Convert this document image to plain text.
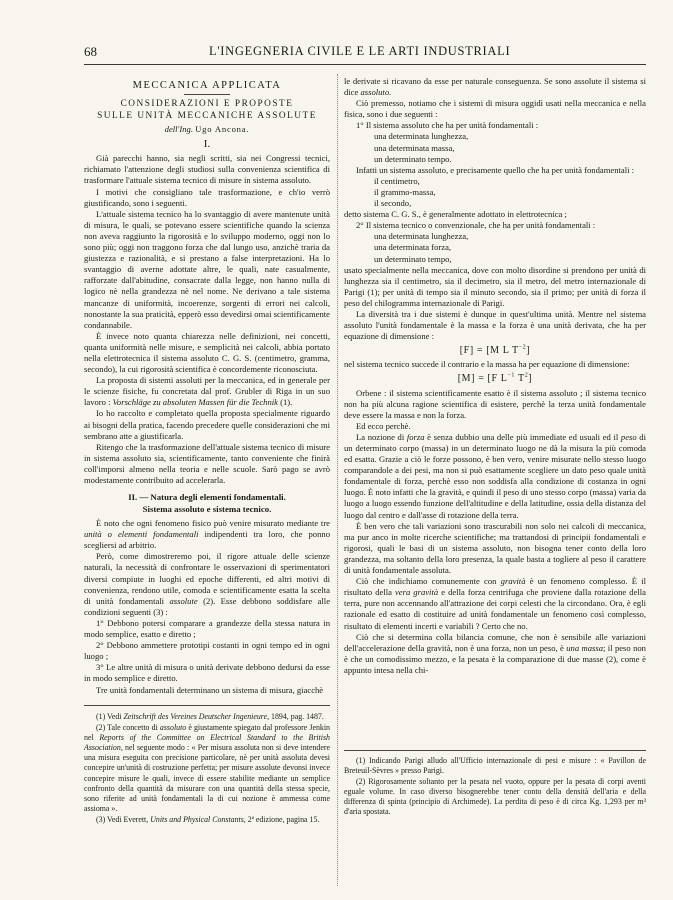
68	L'INGEGNERIA CIVILE E LE ARTI INDUSTRIALI
MECCANICA APPLICATA
CONSIDERAZIONI E PROPOSTE
SULLE UNITÀ MECCANICHE ASSOLUTE
dell'Ing. Ugo Ancona.
I.

Già parecchi hanno, sia negli scritti, sia nei Congressi tecnici, richiamato l'attenzione degli studiosi sulla convenienza scientifica di trasformare l'attuale sistema tecnico di misure in sistema assoluto.

I motivi che consigliano tale trasformazione, e ch'io verrò giustificando, sono i seguenti.

L'attuale sistema tecnico ha lo svantaggio di avere mantenute unità di misura, le quali, se potevano essere scientifiche quando la scienza non aveva raggiunto la rigorosità e lo sviluppo moderno, oggi non lo sono più; oggi non traggono forza che dal lungo uso, anzichè traria da giustezza e razionalità, e si prestano a false interpretazioni. Ha lo svantaggio di averne adottate altre, le quali, nate casualmente, rafforzate dall'abitudine, consacrate dalla legge, non hanno nulla di logico nè nella grandezza nè nel nome. Ne derivano a tale sistema mancanze di uniformità, incoerenze, sorgenti di errori nei calcoli, nonostante la sua praticità, epperò esso devedirsi omai scientificamente condannabile.

È invece noto quanta chiarezza nelle definizioni, nei concetti, quanta uniformità nelle misure, e semplicità nei calcoli, abbia portato nella elettrotecnica il sistema assoluto C. G. S. (centimetro, gramma, secondo), la cui rigorosità scientifica è concordemente riconosciuta.

La proposta di sistemi assoluti per la meccanica, ed in generale per le scienze fisiche, fu concretata dal prof. Grubler di Riga in un suo lavoro : Vorschläge zu absoluten Massen für die Technik (1).

Io ho raccolto e completato quella proposta specialmente riguardo ai bisogni della pratica, facendo precedere quelle considerazioni che mi sembrano atte a giustificarla.

Ritengo che la trasformazione dell'attuale sistema tecnico di misure in sistema assoluto sia, scientificamente, tanto conveniente che finirà coll'imporsi almeno nella teoria e nelle scuole. Sarò pago se avrò modestamente contribuito ad accelerarla.

II. — Natura degli elementi fondamentali.
Sistema assoluto e sistema tecnico.

È noto che ogni fenomeno fisico può venire misurato mediante tre unità o elementi fondamentali indipendenti tra loro, che ponno scegliersi ad arbitrio.

Però, come dimostreremo poi, il rigore attuale delle scienze naturali, la necessità di confrontare le osservazioni di sperimentatori diversi compiute in luoghi ed epoche differenti, ed altri motivi di convenienza, rendono utile, comoda e scientificamente esatta la scelta di unità fondamentali assolute (2). Esse debbono soddisfare alle condizioni seguenti (3) :

1° Debbono potersi comparare a grandezze della stessa natura in modo semplice, esatto e diretto ;

2° Debbono ammettere prototipi costanti in ogni tempo ed in ogni luogo ;

3° Le altre unità di misura o unità derivate debbono dedursi da esse in modo semplice e diretto.

Tre unità fondamentali determinano un sistema di misura, giacchè

(1) Vedi Zeitschrift des Vereines Deutscher Ingenieure, 1894, pag. 1487.

(2) Tale concetto di assoluto è giustamente spiegato dal professore Jenkin nel Reports of the Committee on Electrical Standard to the British Association, nel seguente modo : « Per misura assoluta non si deve intendere una misura eseguita con precisione particolare, nè per unità assoluta devesi concepire un'unità di costruzione perfetta; per misure assolute devonsi invece concepire misure le quali, invece di essere stabilite mediante un semplice confronto della quantità da misurare con una quantità della stessa specie, sono riferite ad unità fondamentali la di cui nozione è ammessa come assioma ».

(3) Vedi Everett, Units and Physical Constants, 2ª edizione, pagina 15.

le derivate si ricavano da esse per naturale conseguenza. Se sono assolute il sistema si dice assoluto.

Ciò premesso, notiamo che i sistemi di misura oggidì usati nella meccanica e nella fisica, sono i due seguenti :

1° Il sistema assoluto che ha per unità fondamentali :

una determinata lunghezza,

una determinata massa,

un determinato tempo.

Infatti un sistema assoluto, e precisamente quello che ha per unità fondamentali :

il centimetro,

il grammo-massa,

il secondo,

detto sistema C. G. S., è generalmente adottato in elettrotecnica ;

2° Il sistema tecnico o convenzionale, che ha per unità fondamentali :

una determinata lunghezza,

una determinata forza,

un determinato tempo,

usato specialmente nella meccanica, dove con molto disordine si prendono per unità di lunghezza sia il centimetro, sia il decimetro, sia il metro, del metro internazionale di Parigi (1); per unità di tempo sia il minuto secondo, sia il primo; per unità di forza il peso del chilogramma internazionale di Parigi.

La diversità tra i due sistemi è dunque in quest'ultima unità. Mentre nel sistema assoluto l'unità fondamentale è la massa e la forza è una unità derivata, che ha per equazione di dimensione :

[F] = [M L $T^{-2}$]

nel sistema tecnico succede il contrario e la massa ha per equazione di dimensione:

[M] = [F $L^{-1}$ $T^2$]

Orbene : il sistema scientificamente esatto è il sistema assoluto ; il sistema tecnico non ha più alcuna ragione scientifica di esistere, perchè la terza unità fondamentale deve essere la massa e non la forza.

Ed ecco perchè.

La nozione di forza è senza dubbio una delle più immediate ed usuali ed il peso di un determinato corpo (massa) in un determinato luogo ne dà la misura la più comoda ed esatta. Grazie a ciò le forze possono, è ben vero, venire misurate nello stesso luogo comparandole a dei pesi, ma non si può esattamente scegliere un dato peso quale unità fondamentale di forza, perchè esso non soddisfa alla condizione di costanza in ogni luogo. È noto infatti che la gravità, e quindi il peso di uno stesso corpo (massa) varia da luogo a luogo essendo funzione dell'altitudine e della latitudine, ossia della distanza del luogo dal centro e dall'asse di rotazione della terra.

È ben vero che tali variazioni sono trascurabili non solo nei calcoli di meccanica, ma pur anco in molte ricerche scientifiche; ma trattandosi di principii fondamentali e rigorosi, quali le basi di un sistema assoluto, non bisogna tener conto della loro grandezza, ma soltanto della loro presenza, la quale basta a togliere al peso il carattere di unità fondamentale assoluta.

Ciò che indichiamo comunemente con gravità è un fenomeno complesso. È il risultato della vera gravità e della forza centrifuga che proviene dalla rotazione della terra, pure non accennando all'attrazione dei corpi celesti che la circondano. Ora, è egli razionale ed esatto di costituire ad unità fondamentale un fenomeno così complesso, risultato di elementi incerti e variabili ? Certo che no.

Ciò che si determina colla bilancia comune, che non è sensibile alle variazioni dell'accelerazione della gravità, non è una forza, non un peso, è una massa; il peso non è che un comodissimo mezzo, e la pesata è la comparazione di due masse (2), come è appunto intesa nella chi-

(1) Indicando Parigi alludo all'Ufficio internazionale di pesi e misure : « Pavillon de Breteuil-Sèvres » presso Parigi.

(2) Rigorosamente soltanto per la pesata nel vuoto, oppure per la pesata di corpi aventi eguale volume. In caso diverso bisognerebbe tener conto della densità dell'aria e della differenza di spinta (principio di Archimede). La perdita di peso è di circa Kg. 1,293 per m³ d'aria spostata.
